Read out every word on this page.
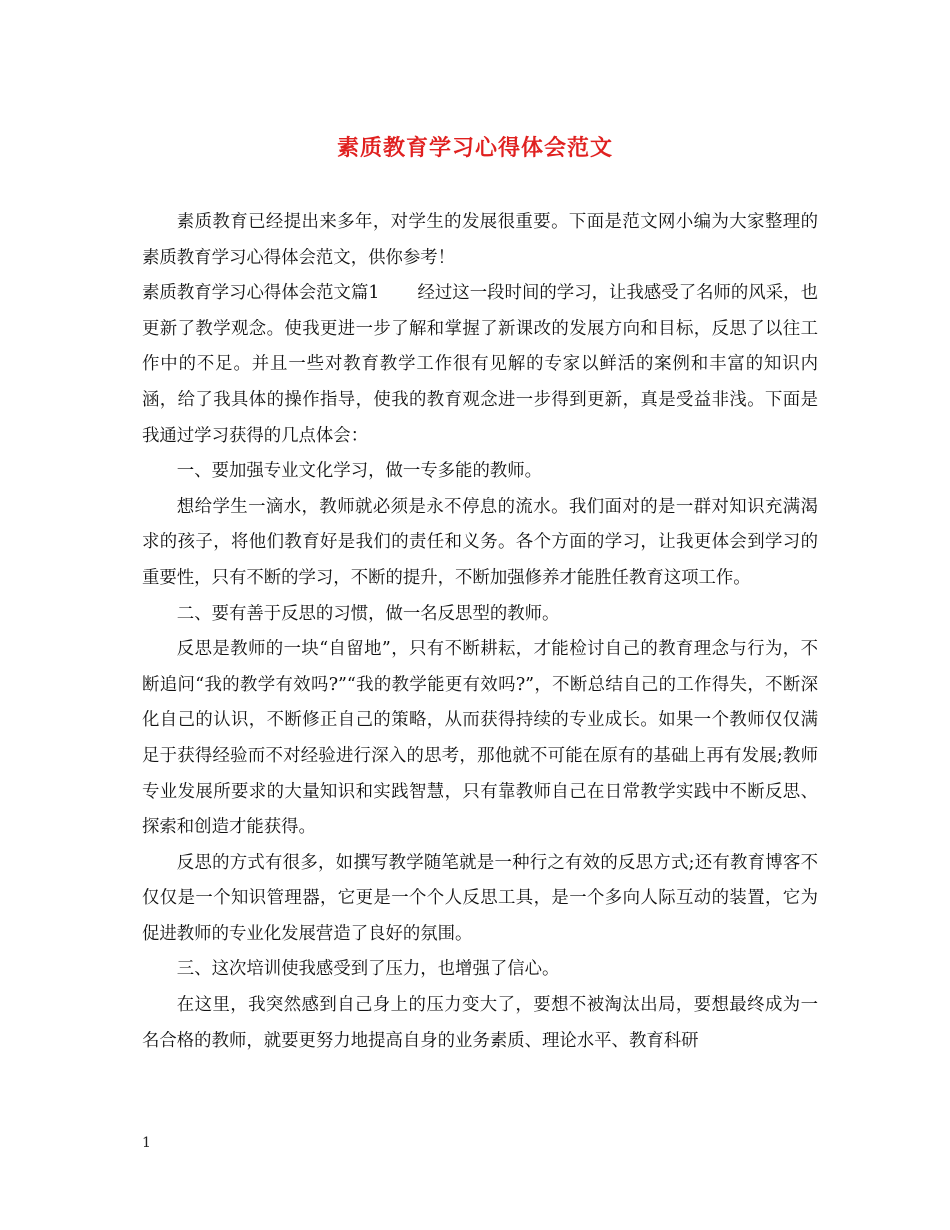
素质教育学习心得体会范文

素质教育已经提出来多年，对学生的发展很重要。下面是范文网小编为大家整理的素质教育学习心得体会范文，供你参考！

素质教育学习心得体会范文篇1 经过这一段时间的学习，让我感受了名师的风采，也更新了教学观念。使我更进一步了解和掌握了新课改的发展方向和目标，反思了以往工作中的不足。并且一些对教育教学工作很有见解的专家以鲜活的案例和丰富的知识内涵，给了我具体的操作指导，使我的教育观念进一步得到更新，真是受益非浅。下面是我通过学习获得的几点体会：

一、要加强专业文化学习，做一专多能的教师。

想给学生一滴水，教师就必须是永不停息的流水。我们面对的是一群对知识充满渴求的孩子，将他们教育好是我们的责任和义务。各个方面的学习，让我更体会到学习的重要性，只有不断的学习，不断的提升，不断加强修养才能胜任教育这项工作。

二、要有善于反思的习惯，做一名反思型的教师。

反思是教师的一块“自留地”，只有不断耕耘，才能检讨自己的教育理念与行为，不断追问“我的教学有效吗?”“我的教学能更有效吗?”，不断总结自己的工作得失，不断深化自己的认识，不断修正自己的策略，从而获得持续的专业成长。如果一个教师仅仅满足于获得经验而不对经验进行深入的思考，那他就不可能在原有的基础上再有发展;教师专业发展所要求的大量知识和实践智慧，只有靠教师自己在日常教学实践中不断反思、探索和创造才能获得。

反思的方式有很多，如撰写教学随笔就是一种行之有效的反思方式;还有教育博客不仅仅是一个知识管理器，它更是一个个人反思工具，是一个多向人际互动的装置，它为促进教师的专业化发展营造了良好的氛围。

三、这次培训使我感受到了压力，也增强了信心。

在这里，我突然感到自己身上的压力变大了，要想不被淘汰出局，要想最终成为一名合格的教师，就要更努力地提高自身的业务素质、理论水平、教育科研

1
